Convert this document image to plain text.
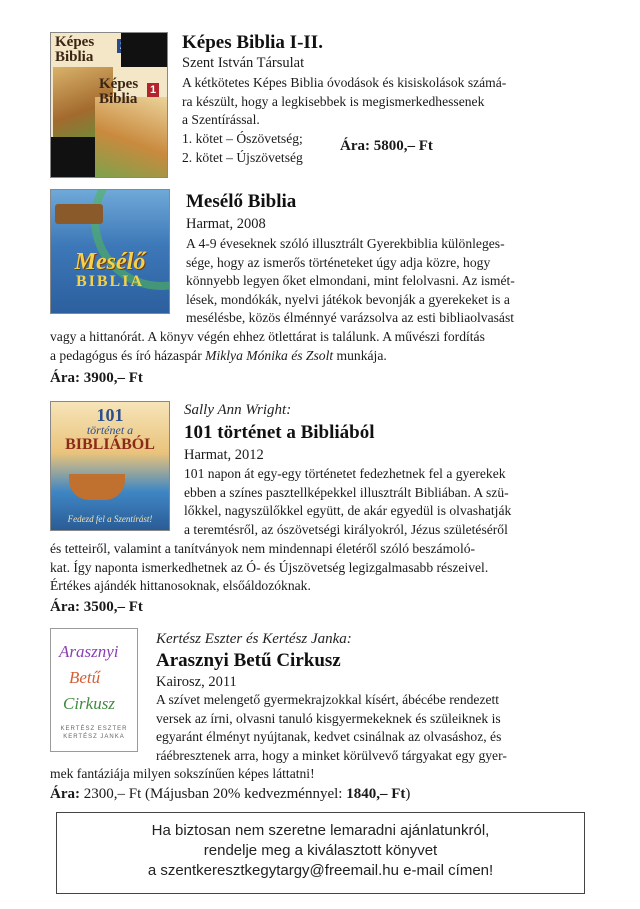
Képes
Biblia
Képes
Biblia
1
Képes Biblia I-II.
Szent István Társulat
A kétkötetes Képes Biblia óvodások és kisiskolások számá-
ra készült, hogy a legkisebbek is megismerkedhessenek
a Szentírással.
1. kötet – Ószövetség;
2. kötet – Újszövetség
Ára: 5800,– Ft
Mesélő
BIBLIA
Mesélő Biblia
Harmat, 2008
A 4-9 éveseknek szóló illusztrált Gyerekbiblia különleges-
sége, hogy az ismerős történeteket úgy adja közre, hogy
könnyebb legyen őket elmondani, mint felolvasni. Az ismét-
lések, mondókák, nyelvi játékok bevonják a gyerekeket is a
mesélésbe, közös élménnyé varázsolva az esti bibliaolvasást
vagy a hittanórát. A könyv végén ehhez ötlettárat is találunk. A művészi fordítás
a pedagógus és író házaspár Miklya Mónika és Zsolt munkája.
Ára: 3900,– Ft
101
történet a
BIBLIÁBÓL
Fedezd fel a Szentírást!
Sally Ann Wright:
101 történet a Bibliából
Harmat, 2012
101 napon át egy-egy történetet fedezhetnek fel a gyerekek
ebben a színes pasztellképekkel illusztrált Bibliában. A szü-
lőkkel, nagyszülőkkel együtt, de akár egyedül is olvashatják
a teremtésről, az ószövetségi királyokról, Jézus születéséről
és tetteiről, valamint a tanítványok nem mindennapi életéről szóló beszámoló-
kat. Így naponta ismerkedhetnek az Ó- és Újszövetség legizgalmasabb részeivel.
Értékes ajándék hittanosoknak, elsőáldozóknak.
Ára: 3500,– Ft
Arasznyi
Betű
Cirkusz
KERTÉSZ ESZTER
KERTÉSZ JANKA
Kertész Eszter és Kertész Janka:
Arasznyi Betű Cirkusz
Kairosz, 2011
A szívet melengető gyermekrajzokkal kísért, ábécébe rendezett
versek az írni, olvasni tanuló kisgyermekeknek és szüleiknek is
egyaránt élményt nyújtanak, kedvet csinálnak az olvasáshoz, és
ráébresztenek arra, hogy a minket körülvevő tárgyakat egy gyer-
mek fantáziája milyen sokszínűen képes láttatni!
Ára: 2300,– Ft (Májusban 20% kedvezménnyel: 1840,– Ft)
Ha biztosan nem szeretne lemaradni ajánlatunkról,
rendelje meg a kiválasztott könyvet
a szentkeresztkegytargy@freemail.hu e-mail címen!
